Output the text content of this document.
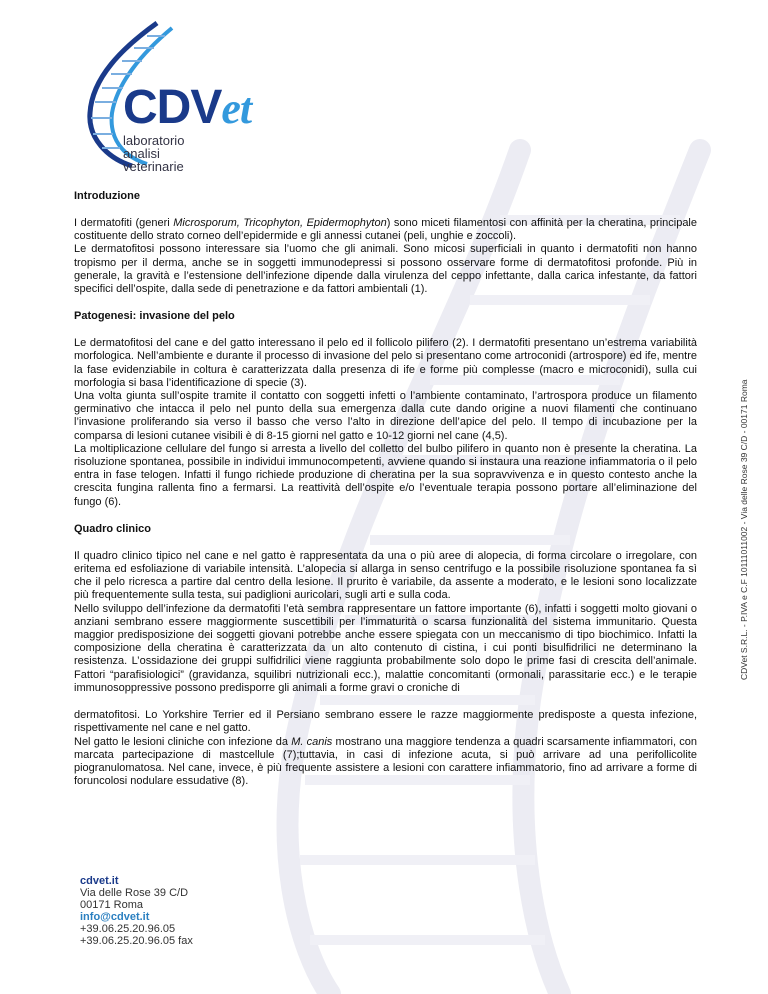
CDVet
laboratorio
analisi
veterinarie
CDVet S.R.L. - P.IVA e C.F 10111011002 - Via delle Rose 39 C/D - 00171 Roma
Introduzione

I dermatofiti (generi Microsporum, Tricophyton, Epidermophyton) sono miceti filamentosi con affinità per la cheratina, principale costituente dello strato corneo dell’epidermide e gli annessi cutanei (peli, unghie e zoccoli).
Le dermatofitosi possono interessare sia l’uomo che gli animali. Sono micosi superficiali in quanto i dermatofiti non hanno tropismo per il derma, anche se in soggetti immunodepressi si possono osservare forme di dermatofitosi profonde. Più in generale, la gravità e l’estensione dell’infezione dipende dalla virulenza del ceppo infettante, dalla carica infestante, da fattori specifici dell’ospite, dalla sede di penetrazione e da fattori ambientali (1).

Patogenesi: invasione del pelo

Le dermatofitosi del cane e del gatto interessano il pelo ed il follicolo pilifero (2). I dermatofiti presentano un’estrema variabilità morfologica. Nell’ambiente e durante il processo di invasione del pelo si presentano come artroconidi (artrospore) ed ife, mentre la fase evidenziabile in coltura è caratterizzata dalla presenza di ife e forme più complesse (macro e microconidi), sulla cui morfologia si basa l’identificazione di specie (3).
Una volta giunta sull’ospite tramite il contatto con soggetti infetti o l’ambiente contaminato, l’artrospora produce un filamento germinativo che intacca il pelo nel punto della sua emergenza dalla cute dando origine a nuovi filamenti che continuano l’invasione proliferando sia verso il basso che verso l’alto in direzione dell’apice del pelo. Il tempo di incubazione per la comparsa di lesioni cutanee visibili è di 8-15 giorni nel gatto e 10-12 giorni nel cane (4,5).
La moltiplicazione cellulare del fungo si arresta a livello del colletto del bulbo pilifero in quanto non è presente la cheratina. La risoluzione spontanea, possibile in individui immunocompetenti, avviene quando si instaura una reazione infiammatoria o il pelo entra in fase telogen. Infatti il fungo richiede produzione di cheratina per la sua sopravvivenza e in questo contesto anche la crescita fungina rallenta fino a fermarsi. La reattività dell’ospite e/o l’eventuale terapia possono portare all’eliminazione del fungo (6).

Quadro clinico

Il quadro clinico tipico nel cane e nel gatto è rappresentata da una o più aree di alopecia, di forma circolare o irregolare, con eritema ed esfoliazione di variabile intensità. L’alopecia si allarga in senso centrifugo e la possibile risoluzione spontanea fa sì che il pelo ricresca a partire dal centro della lesione. Il prurito è variabile, da assente a moderato, e le lesioni sono localizzate più frequentemente sulla testa, sui padiglioni auricolari, sugli arti e sulla coda.
Nello sviluppo dell’infezione da dermatofiti l’età sembra rappresentare un fattore importante (6), infatti i soggetti molto giovani o anziani sembrano essere maggiormente suscettibili per l’immaturità o scarsa funzionalità del sistema immunitario. Questa maggior predisposizione dei soggetti giovani potrebbe anche essere spiegata con un meccanismo di tipo biochimico. Infatti la composizione della cheratina è caratterizzata da un alto contenuto di cistina, i cui ponti bisulfidrilici ne determinano la resistenza. L’ossidazione dei gruppi sulfidrilici viene raggiunta probabilmente solo dopo le prime fasi di crescita dell’animale. Fattori “parafisiologici” (gravidanza, squilibri nutrizionali ecc.), malattie concomitanti (ormonali, parassitarie ecc.) e le terapie immunosoppressive possono predisporre gli animali a forme gravi o croniche di

dermatofitosi. Lo Yorkshire Terrier ed il Persiano sembrano essere le razze maggiormente predisposte a questa infezione, rispettivamente nel cane e nel gatto.
Nel gatto le lesioni cliniche con infezione da M. canis mostrano una maggiore tendenza a quadri scarsamente infiammatori, con marcata partecipazione di mastcellule (7);tuttavia, in casi di infezione acuta, si può arrivare ad una perifollicolite piogranulomatosa. Nel cane, invece, è più frequente assistere a lesioni con carattere infiammatorio, fino ad arrivare a forme di foruncolosi nodulare essudative (8).

cdvet.it
Via delle Rose 39 C/D
00171 Roma
info@cdvet.it
+39.06.25.20.96.05
+39.06.25.20.96.05 fax
